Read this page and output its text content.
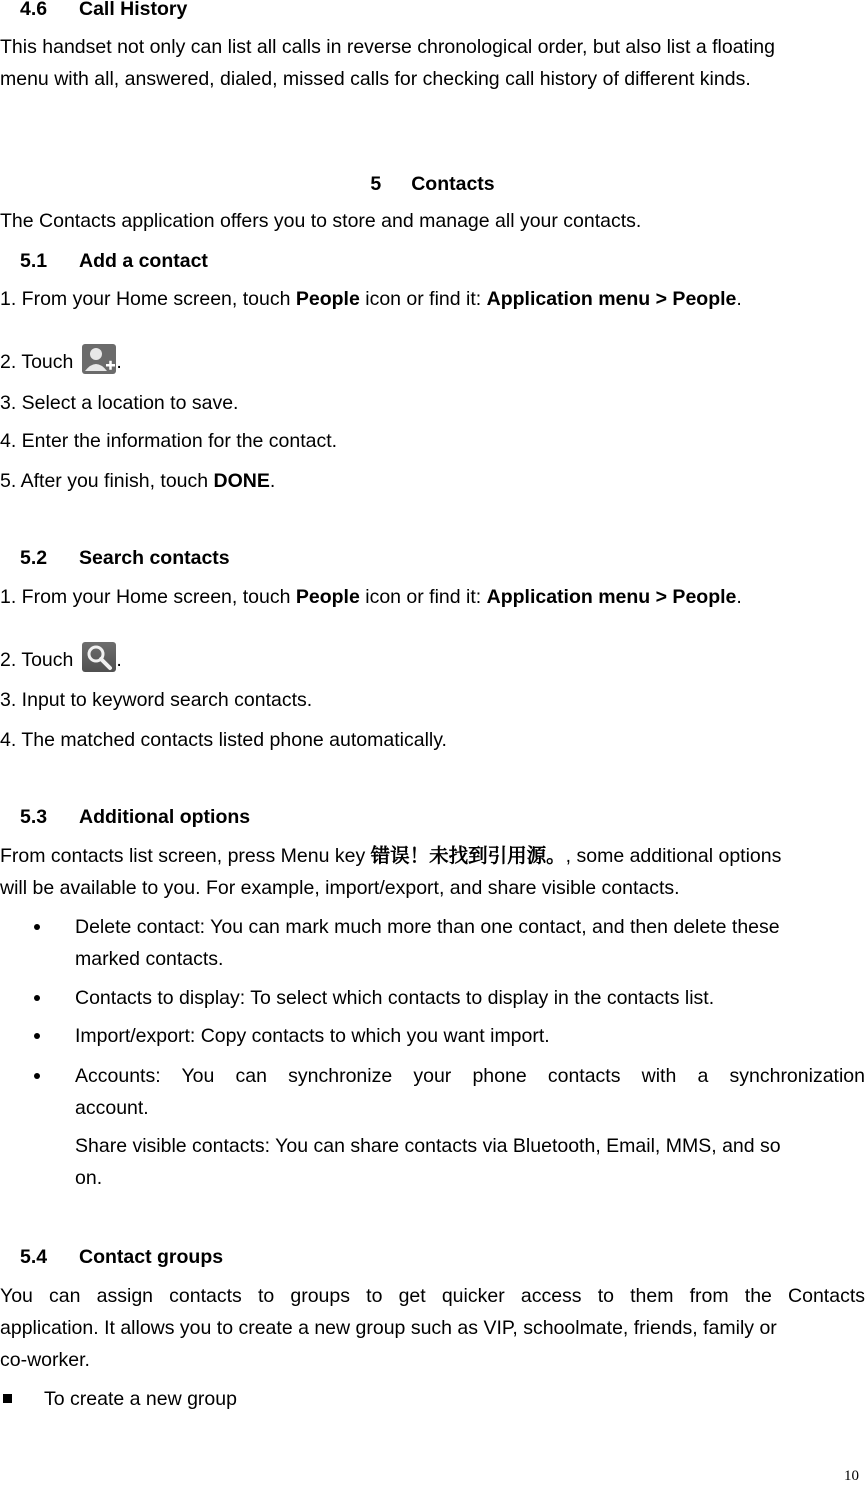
4.6 Call History
This handset not only can list all calls in reverse chronological order, but also list a floating
menu with all, answered, dialed, missed calls for checking call history of different kinds.
5 Contacts
The Contacts application offers you to store and manage all your contacts.
5.1 Add a contact
1. From your Home screen, touch People icon or find it: Application menu > People.
2. Touch .
3. Select a location to save.
4. Enter the information for the contact.
5. After you finish, touch DONE.
5.2 Search contacts
1. From your Home screen, touch People icon or find it: Application menu > People.
2. Touch .
3. Input to keyword search contacts.
4. The matched contacts listed phone automatically.
5.3 Additional options
From contacts list screen, press Menu key 错误！未找到引用源。, some additional options
will be available to you. For example, import/export, and share visible contacts.
Delete contact: You can mark much more than one contact, and then delete these
marked contacts.
Contacts to display: To select which contacts to display in the contacts list.
Import/export: Copy contacts to which you want import.
Accounts: You can synchronize your phone contacts with a synchronization
account.
Share visible contacts: You can share contacts via Bluetooth, Email, MMS, and so
on.
5.4 Contact groups
You can assign contacts to groups to get quicker access to them from the Contacts
application. It allows you to create a new group such as VIP, schoolmate, friends, family or
co-worker.
To create a new group
10
